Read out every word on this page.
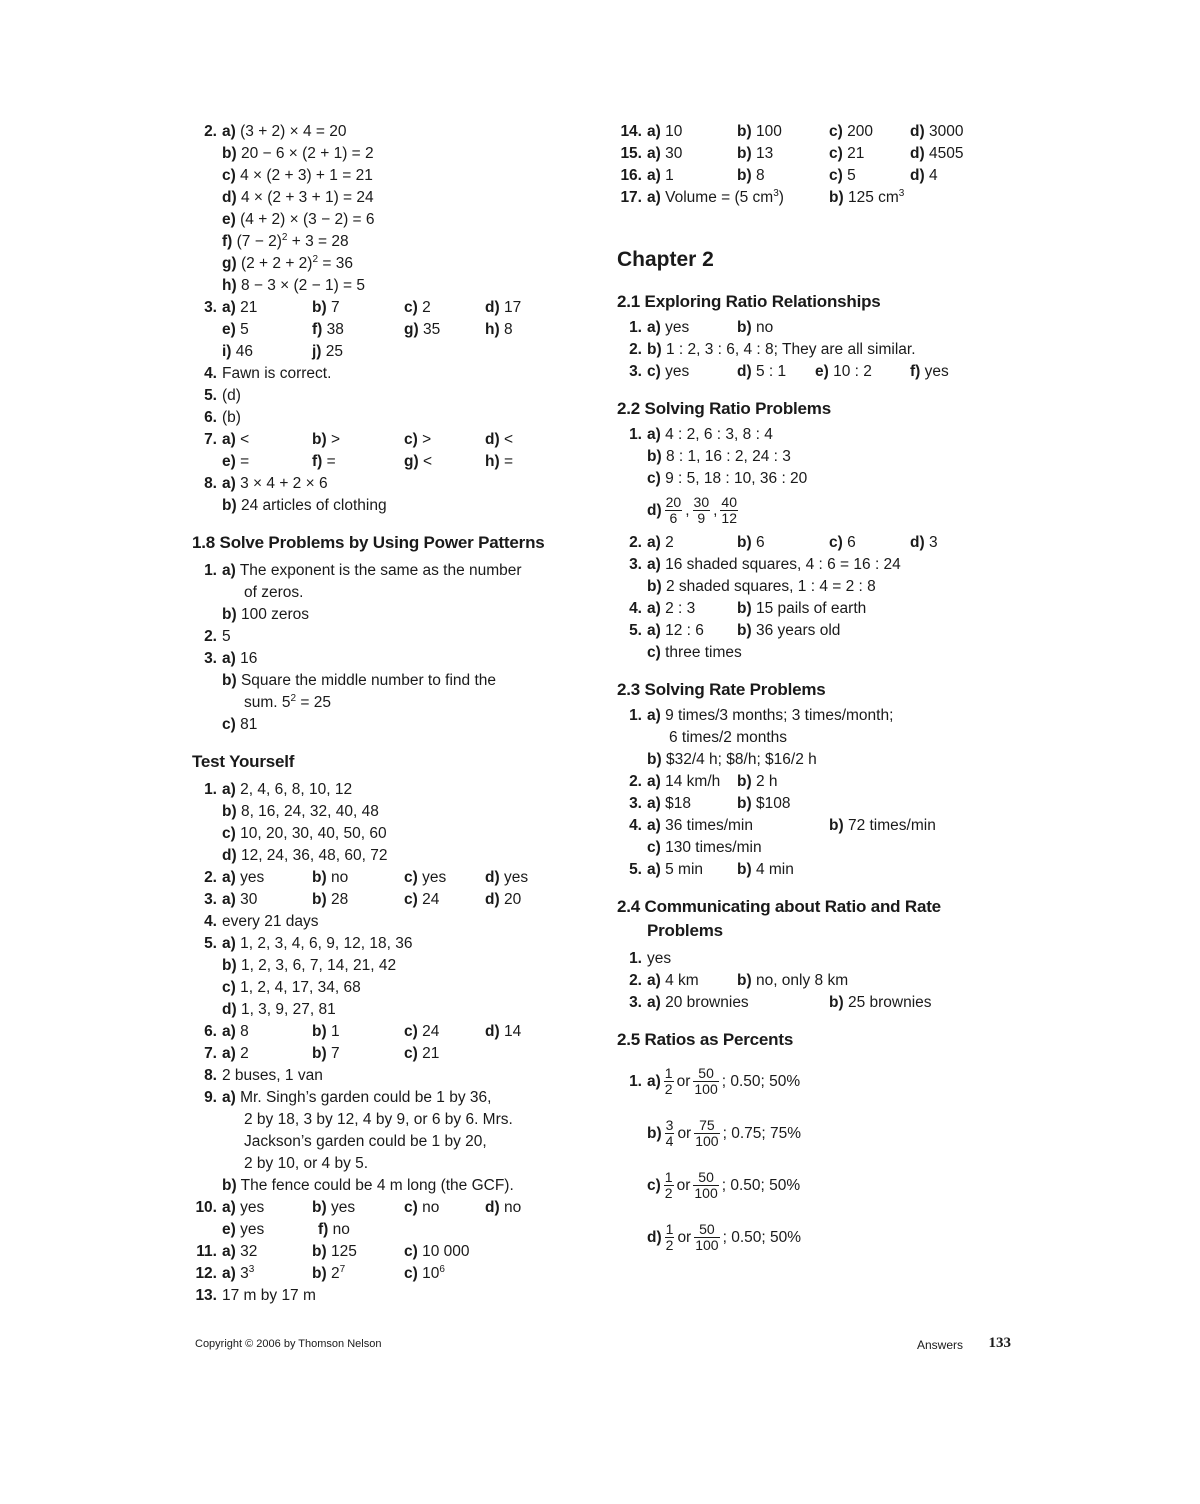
2. a) (3 + 2) × 4 = 20
b) 20 − 6 × (2 + 1) = 2
c) 4 × (2 + 3) + 1 = 21
d) 4 × (2 + 3 + 1) = 24
e) (4 + 2) × (3 − 2) = 6
f) $(7 - 2)^2 + 3 = 28$
g) $(2 + 2 + 2)^2 = 36$
h) 8 − 3 × (2 − 1) = 5
3. a) 21	b) 7	c) 2	d) 17
e) 5	f) 38	g) 35	h) 8
i) 46	j) 25
4. Fawn is correct.
5. (d)
6. (b)
7. a) <	b) >	c) >	d) <
e) =	f) =	g) <	h) =
8. a) 3 × 4 + 2 × 6
b) 24 articles of clothing
1.8 Solve Problems by Using Power Patterns
1. a) The exponent is the same as the number
of zeros.
b) 100 zeros
2. 5
3. a) 16
b) Square the middle number to find the
sum. $5^2 = 25$
c) 81
Test Yourself
1. a) 2, 4, 6, 8, 10, 12
b) 8, 16, 24, 32, 40, 48
c) 10, 20, 30, 40, 50, 60
d) 12, 24, 36, 48, 60, 72
2. a) yes	b) no	c) yes	d) yes
3. a) 30	b) 28	c) 24	d) 20
4. every 21 days
5. a) 1, 2, 3, 4, 6, 9, 12, 18, 36
b) 1, 2, 3, 6, 7, 14, 21, 42
c) 1, 2, 4, 17, 34, 68
d) 1, 3, 9, 27, 81
6. a) 8	b) 1	c) 24	d) 14
7. a) 2	b) 7	c) 21
8. 2 buses, 1 van
9. a) Mr. Singh’s garden could be 1 by 36,
2 by 18, 3 by 12, 4 by 9, or 6 by 6. Mrs.
Jackson’s garden could be 1 by 20,
2 by 10, or 4 by 5.
b) The fence could be 4 m long (the GCF).
10. a) yes	b) yes	c) no	d) no
e) yes	f) no
11. a) 32	b) 125	c) 10 000
12. a) $3^3$	b) $2^7$	c) $10^6$
13. 17 m by 17 m
14. a) 10	b) 100	c) 200 d) 3000
15. a) 30	b) 13	c) 21	d) 4505
16. a) 1	b) 8	c) 5	d) 4
17. a) Volume = (5 $cm^3$)	b) 125 $cm^3$
Chapter 2
2.1 Exploring Ratio Relationships
1. a) yes	b) no
2. b) 1 : 2, 3 : 6, 4 : 8; They are all similar.
3. c) yes	d) 5 : 1 e) 10 : 2 f) yes
2.2 Solving Ratio Problems
1. a) 4 : 2, 6 : 3, 8 : 4
b) 8 : 1, 16 : 2, 24 : 3
c) 9 : 5, 18 : 10, 36 : 20
$d) \frac{20}{6}$ , $\frac{30}{9}$ , $\frac{40}{12}$
2. a) 2	b) 6	c) 6	d) 3
3. a) 16 shaded squares, 4 : 6 = 16 : 24
b) 2 shaded squares, 1 : 4 = 2 : 8
4. a) 2 : 3	b) 15 pails of earth
5. a) 12 : 6 b) 36 years old
c) three times
2.3 Solving Rate Problems
1. a) 9 times/3 months; 3 times/month;
6 times/2 months
b) $32/4 h; $8/h; $16/2 h
2. a) 14 km/h b) 2 h
3. a) $18	b) $108
4. a) 36 times/min	b) 72 times/min
c) 130 times/min
5. a) 5 min b) 4 min
2.4 Communicating about Ratio and Rate
Problems
1. yes
2. a) 4 km b) no, only 8 km
3. a) 20 brownies	b) 25 brownies
2.5 Ratios as Percents
1. $a) \frac{1}{2}$ or $\frac{50}{100}$ ; 0.50; 50%
$b) \frac{3}{4}$ or $\frac{75}{100}$ ; 0.75; 75%
$c) \frac{1}{2}$ or $\frac{50}{100}$ ; 0.50; 50%
$d) \frac{1}{2}$ or $\frac{50}{100}$ ; 0.50; 50%
Copyright © 2006 by Thomson Nelson	Answers 133
